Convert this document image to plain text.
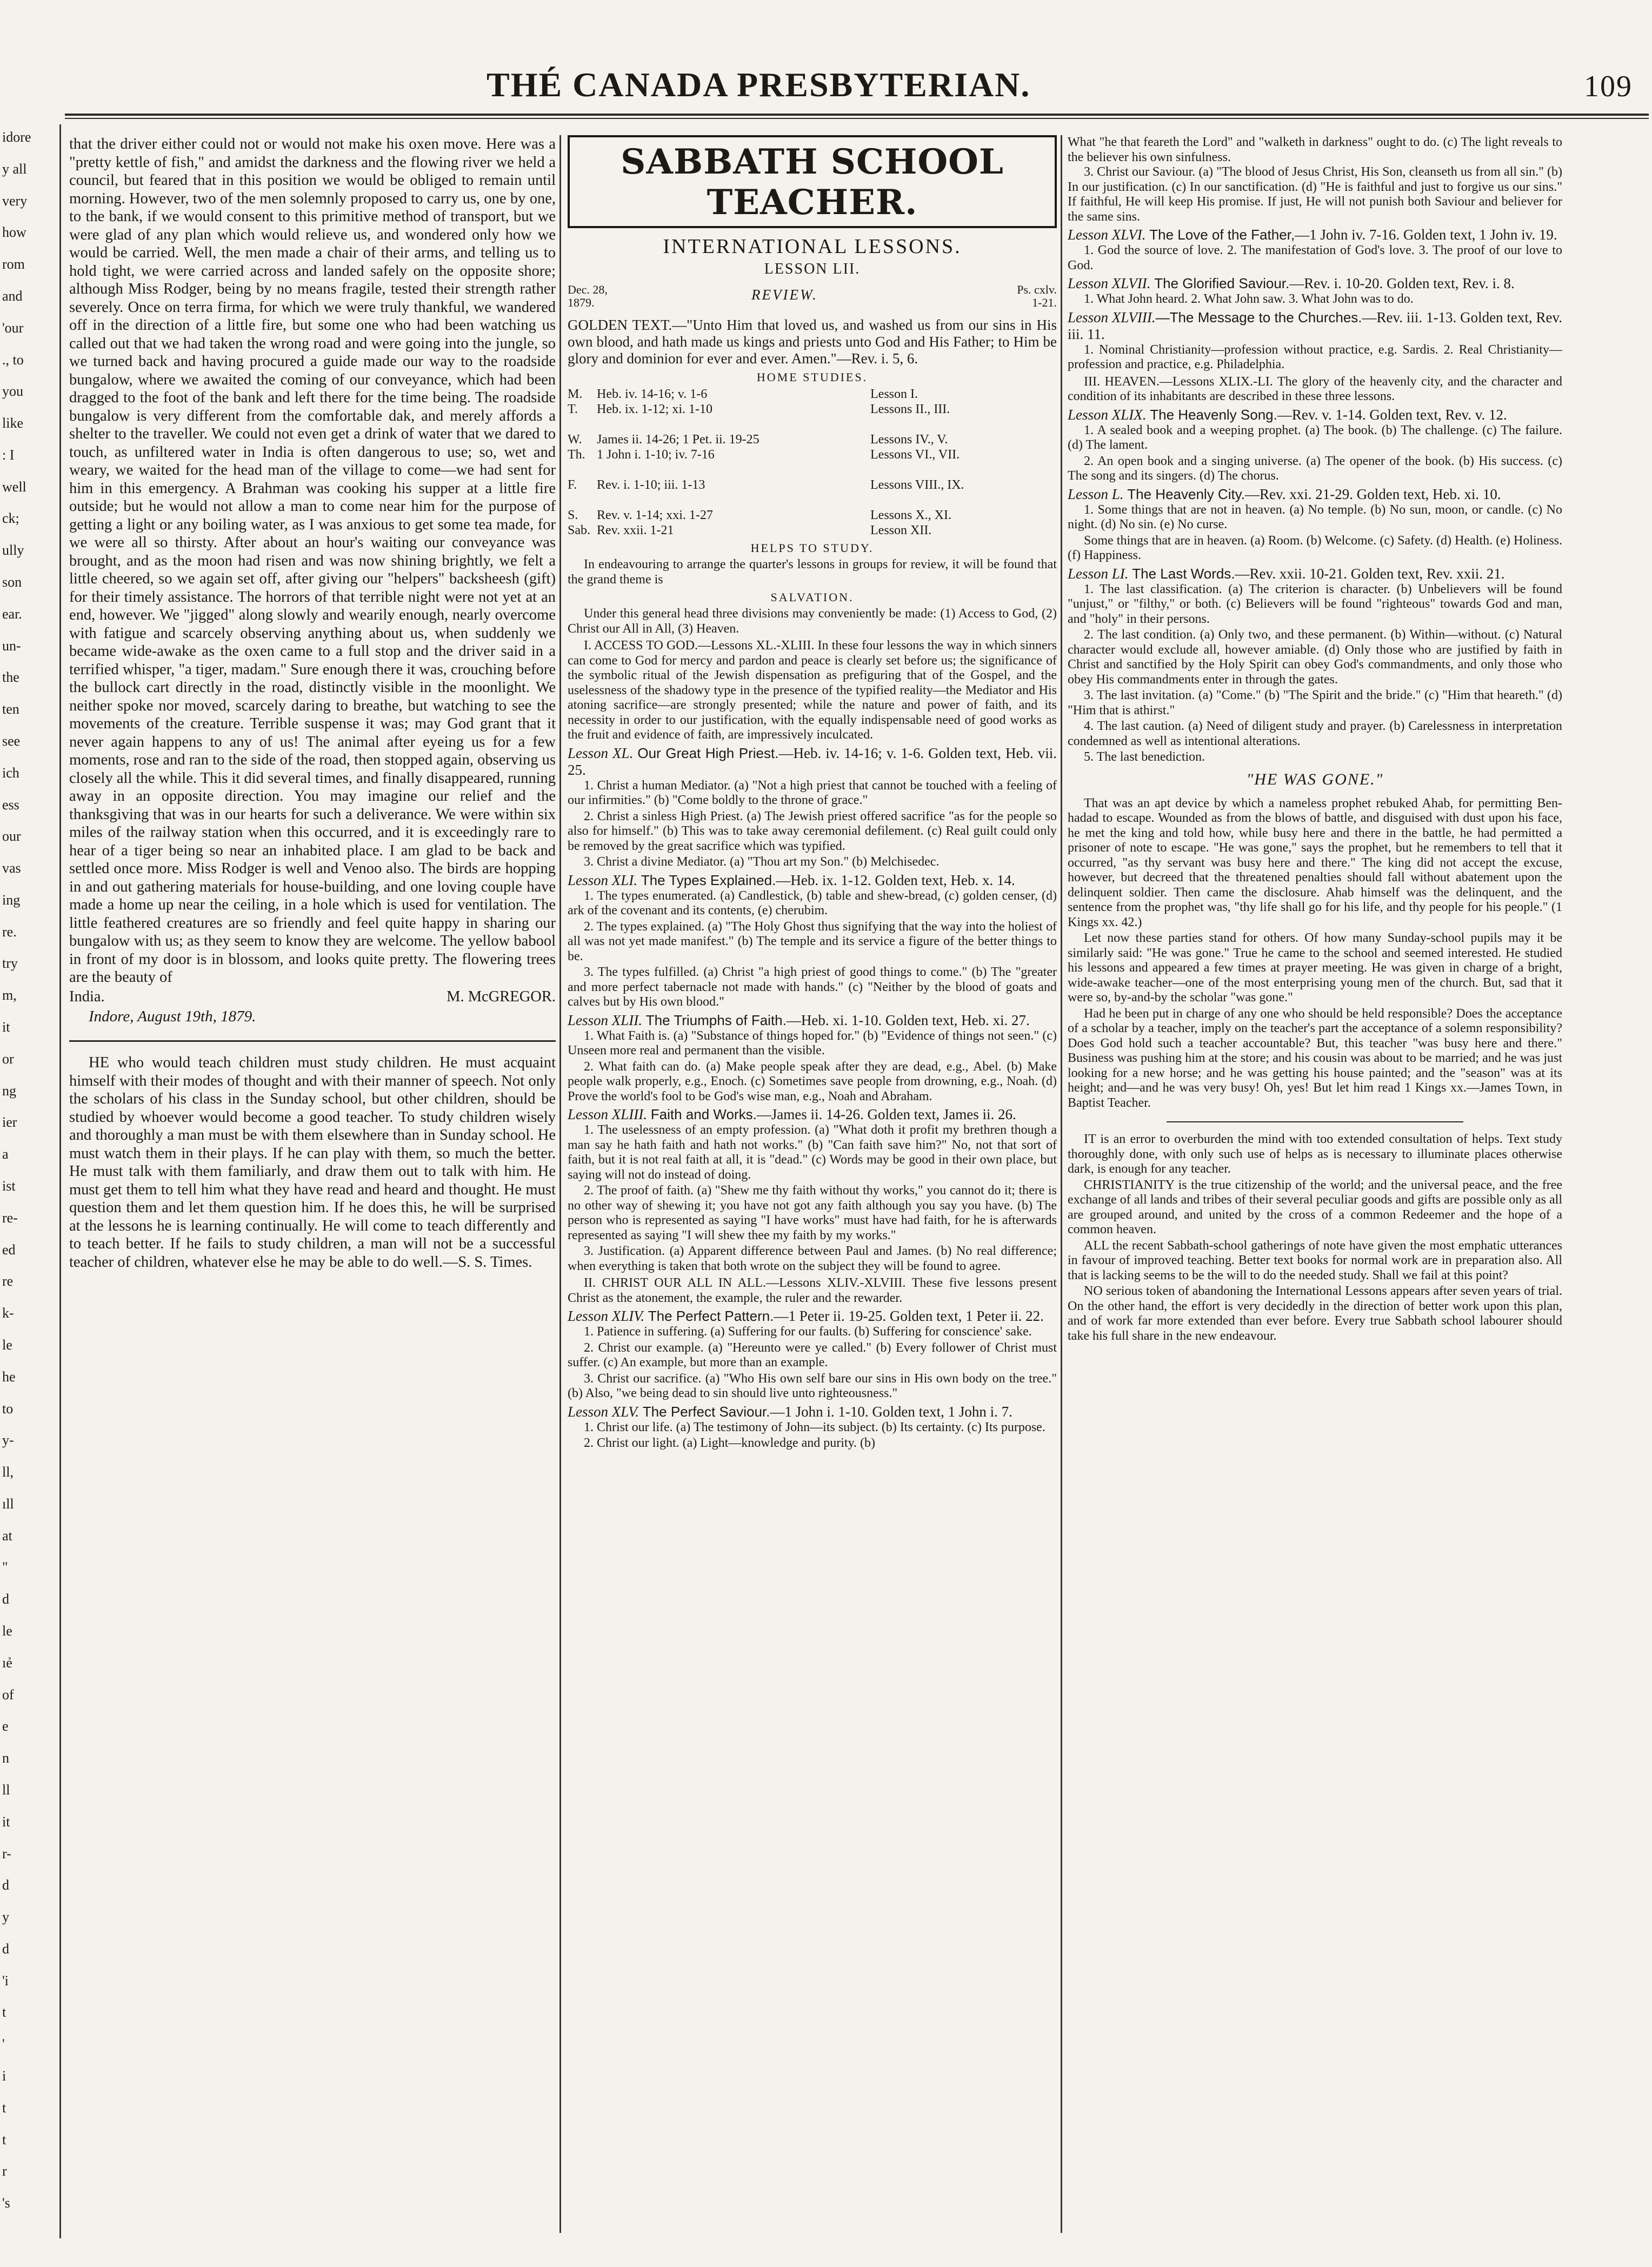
idore
y all
very
how
rom
and
'our
., to
you
like
: I
well
ck;
ully
son
ear.
un-
the
ten
see
ich
ess
our
vas
ing
re.
try
m,
it
or
ng
ier
a
ist
re-
ed
re
k-
le
he
to
y-
ll,
ıll
at
"
d
le
ıẻ
of
e
n
ll
it
r-
d
y
d
'i
t
'
i
t
t
r
's
THÉ CANADA PRESBYTERIAN.	109

that the driver either could not or would not make his oxen move. Here was a "pretty kettle of fish," and amidst the darkness and the flowing river we held a council, but feared that in this position we would be obliged to remain until morning. However, two of the men solemnly proposed to carry us, one by one, to the bank, if we would consent to this primitive method of transport, but we were glad of any plan which would relieve us, and wondered only how we would be carried. Well, the men made a chair of their arms, and telling us to hold tight, we were carried across and landed safely on the opposite shore; although Miss Rodger, being by no means fragile, tested their strength rather severely. Once on terra firma, for which we were truly thankful, we wandered off in the direction of a little fire, but some one who had been watching us called out that we had taken the wrong road and were going into the jungle, so we turned back and having procured a guide made our way to the roadside bungalow, where we awaited the coming of our conveyance, which had been dragged to the foot of the bank and left there for the time being. The roadside bungalow is very different from the comfortable dak, and merely affords a shelter to the traveller. We could not even get a drink of water that we dared to touch, as unfiltered water in India is often dangerous to use; so, wet and weary, we waited for the head man of the village to come—we had sent for him in this emergency. A Brahman was cooking his supper at a little fire outside; but he would not allow a man to come near him for the purpose of getting a light or any boiling water, as I was anxious to get some tea made, for we were all so thirsty. After about an hour's waiting our conveyance was brought, and as the moon had risen and was now shining brightly, we felt a little cheered, so we again set off, after giving our "helpers" backsheesh (gift) for their timely assistance. The horrors of that terrible night were not yet at an end, however. We "jigged" along slowly and wearily enough, nearly overcome with fatigue and scarcely observing anything about us, when suddenly we became wide-awake as the oxen came to a full stop and the driver said in a terrified whisper, "a tiger, madam." Sure enough there it was, crouching before the bullock cart directly in the road, distinctly visible in the moonlight. We neither spoke nor moved, scarcely daring to breathe, but watching to see the movements of the creature. Terrible suspense it was; may God grant that it never again happens to any of us! The animal after eyeing us for a few moments, rose and ran to the side of the road, then stopped again, observing us closely all the while. This it did several times, and finally disappeared, running away in an opposite direction. You may imagine our relief and the thanksgiving that was in our hearts for such a deliverance. We were within six miles of the railway station when this occurred, and it is exceedingly rare to hear of a tiger being so near an inhabited place. I am glad to be back and settled once more. Miss Rodger is well and Venoo also. The birds are hopping in and out gathering materials for house-building, and one loving couple have made a home up near the ceiling, in a hole which is used for ventilation. The little feathered creatures are so friendly and feel quite happy in sharing our bungalow with us; as they seem to know they are welcome. The yellow babool in front of my door is in blossom, and looks quite pretty. The flowering trees are the beauty of

India.	M. McGREGOR.

Indore, August 19th, 1879.

HE who would teach children must study children. He must acquaint himself with their modes of thought and with their manner of speech. Not only the scholars of his class in the Sunday school, but other children, should be studied by whoever would become a good teacher. To study children wisely and thoroughly a man must be with them elsewhere than in Sunday school. He must watch them in their plays. If he can play with them, so much the better. He must talk with them familiarly, and draw them out to talk with him. He must get them to tell him what they have read and heard and thought. He must question them and let them question him. If he does this, he will be surprised at the lessons he is learning continually. He will come to teach differently and to teach better. If he fails to study children, a man will not be a successful teacher of children, whatever else he may be able to do well.—S. S. Times.

SABBATH SCHOOL TEACHER.

INTERNATIONAL LESSONS.

LESSON LII.

Dec. 28,
1879.	REVIEW.	Ps. cxlv.
1-21.

GOLDEN TEXT.—"Unto Him that loved us, and washed us from our sins in His own blood, and hath made us kings and priests unto God and His Father; to Him be glory and dominion for ever and ever. Amen."—Rev. i. 5, 6.

HOME STUDIES.

M. Heb. iv. 14-16; v. 1-6	Lesson I.
T. Heb. ix. 1-12; xi. 1-10	Lessons II., III.
W. James ii. 14-26; 1 Pet. ii. 19-25	Lessons IV., V.
Th. 1 John i. 1-10; iv. 7-16	Lessons VI., VII.
F. Rev. i. 1-10; iii. 1-13	Lessons VIII., IX.
S. Rev. v. 1-14; xxi. 1-27	Lessons X., XI.
Sab. Rev. xxii. 1-21	Lesson XII.

HELPS TO STUDY.

In endeavouring to arrange the quarter's lessons in groups for review, it will be found that the grand theme is

SALVATION.

Under this general head three divisions may conveniently be made: (1) Access to God, (2) Christ our All in All, (3) Heaven.

I. ACCESS TO GOD.—Lessons XL.-XLIII. In these four lessons the way in which sinners can come to God for mercy and pardon and peace is clearly set before us; the significance of the symbolic ritual of the Jewish dispensation as prefiguring that of the Gospel, and the uselessness of the shadowy type in the presence of the typified reality—the Mediator and His atoning sacrifice—are strongly presented; while the nature and power of faith, and its necessity in order to our justification, with the equally indispensable need of good works as the fruit and evidence of faith, are impressively inculcated.

Lesson XL. Our Great High Priest.—Heb. iv. 14-16; v. 1-6. Golden text, Heb. vii. 25.

1. Christ a human Mediator. (a) "Not a high priest that cannot be touched with a feeling of our infirmities." (b) "Come boldly to the throne of grace."

2. Christ a sinless High Priest. (a) The Jewish priest offered sacrifice "as for the people so also for himself." (b) This was to take away ceremonial defilement. (c) Real guilt could only be removed by the great sacrifice which was typified.

3. Christ a divine Mediator. (a) "Thou art my Son." (b) Melchisedec.

Lesson XLI. The Types Explained.—Heb. ix. 1-12. Golden text, Heb. x. 14.

1. The types enumerated. (a) Candlestick, (b) table and shew-bread, (c) golden censer, (d) ark of the covenant and its contents, (e) cherubim.

2. The types explained. (a) "The Holy Ghost thus signifying that the way into the holiest of all was not yet made manifest." (b) The temple and its service a figure of the better things to be.

3. The types fulfilled. (a) Christ "a high priest of good things to come." (b) The "greater and more perfect tabernacle not made with hands." (c) "Neither by the blood of goats and calves but by His own blood."

Lesson XLII. The Triumphs of Faith.—Heb. xi. 1-10. Golden text, Heb. xi. 27.

1. What Faith is. (a) "Substance of things hoped for." (b) "Evidence of things not seen." (c) Unseen more real and permanent than the visible.

2. What faith can do. (a) Make people speak after they are dead, e.g., Abel. (b) Make people walk properly, e.g., Enoch. (c) Sometimes save people from drowning, e.g., Noah. (d) Prove the world's fool to be God's wise man, e.g., Noah and Abraham.

Lesson XLIII. Faith and Works.—James ii. 14-26. Golden text, James ii. 26.

1. The uselessness of an empty profession. (a) "What doth it profit my brethren though a man say he hath faith and hath not works." (b) "Can faith save him?" No, not that sort of faith, but it is not real faith at all, it is "dead." (c) Words may be good in their own place, but saying will not do instead of doing.

2. The proof of faith. (a) "Shew me thy faith without thy works," you cannot do it; there is no other way of shewing it; you have not got any faith although you say you have. (b) The person who is represented as saying "I have works" must have had faith, for he is afterwards represented as saying "I will shew thee my faith by my works."

3. Justification. (a) Apparent difference between Paul and James. (b) No real difference; when everything is taken that both wrote on the subject they will be found to agree.

II. CHRIST OUR ALL IN ALL.—Lessons XLIV.-XLVIII. These five lessons present Christ as the atonement, the example, the ruler and the rewarder.

Lesson XLIV. The Perfect Pattern.—1 Peter ii. 19-25. Golden text, 1 Peter ii. 22.

1. Patience in suffering. (a) Suffering for our faults. (b) Suffering for conscience' sake.

2. Christ our example. (a) "Hereunto were ye called." (b) Every follower of Christ must suffer. (c) An example, but more than an example.

3. Christ our sacrifice. (a) "Who His own self bare our sins in His own body on the tree." (b) Also, "we being dead to sin should live unto righteousness."

Lesson XLV. The Perfect Saviour.—1 John i. 1-10. Golden text, 1 John i. 7.

1. Christ our life. (a) The testimony of John—its subject. (b) Its certainty. (c) Its purpose.

2. Christ our light. (a) Light—knowledge and purity. (b)

What "he that feareth the Lord" and "walketh in darkness" ought to do. (c) The light reveals to the believer his own sinfulness.

3. Christ our Saviour. (a) "The blood of Jesus Christ, His Son, cleanseth us from all sin." (b) In our justification. (c) In our sanctification. (d) "He is faithful and just to forgive us our sins." If faithful, He will keep His promise. If just, He will not punish both Saviour and believer for the same sins.

Lesson XLVI. The Love of the Father,—1 John iv. 7-16. Golden text, 1 John iv. 19.

1. God the source of love. 2. The manifestation of God's love. 3. The proof of our love to God.

Lesson XLVII. The Glorified Saviour.—Rev. i. 10-20. Golden text, Rev. i. 8.

1. What John heard. 2. What John saw. 3. What John was to do.

Lesson XLVIII.—The Message to the Churches.—Rev. iii. 1-13. Golden text, Rev. iii. 11.

1. Nominal Christianity—profession without practice, e.g. Sardis. 2. Real Christianity—profession and practice, e.g. Philadelphia.

III. HEAVEN.—Lessons XLIX.-LI. The glory of the heavenly city, and the character and condition of its inhabitants are described in these three lessons.

Lesson XLIX. The Heavenly Song.—Rev. v. 1-14. Golden text, Rev. v. 12.

1. A sealed book and a weeping prophet. (a) The book. (b) The challenge. (c) The failure. (d) The lament.

2. An open book and a singing universe. (a) The opener of the book. (b) His success. (c) The song and its singers. (d) The chorus.

Lesson L. The Heavenly City.—Rev. xxi. 21-29. Golden text, Heb. xi. 10.

1. Some things that are not in heaven. (a) No temple. (b) No sun, moon, or candle. (c) No night. (d) No sin. (e) No curse.

Some things that are in heaven. (a) Room. (b) Welcome. (c) Safety. (d) Health. (e) Holiness. (f) Happiness.

Lesson LI. The Last Words.—Rev. xxii. 10-21. Golden text, Rev. xxii. 21.

1. The last classification. (a) The criterion is character. (b) Unbelievers will be found "unjust," or "filthy," or both. (c) Believers will be found "righteous" towards God and man, and "holy" in their persons.

2. The last condition. (a) Only two, and these permanent. (b) Within—without. (c) Natural character would exclude all, however amiable. (d) Only those who are justified by faith in Christ and sanctified by the Holy Spirit can obey God's commandments, and only those who obey His commandments enter in through the gates.

3. The last invitation. (a) "Come." (b) "The Spirit and the bride." (c) "Him that heareth." (d) "Him that is athirst."

4. The last caution. (a) Need of diligent study and prayer. (b) Carelessness in interpretation condemned as well as intentional alterations.

5. The last benediction.

"HE WAS GONE."

That was an apt device by which a nameless prophet rebuked Ahab, for permitting Ben-hadad to escape. Wounded as from the blows of battle, and disguised with dust upon his face, he met the king and told how, while busy here and there in the battle, he had permitted a prisoner of note to escape. "He was gone," says the prophet, but he remembers to tell that it occurred, "as thy servant was busy here and there." The king did not accept the excuse, however, but decreed that the threatened penalties should fall without abatement upon the delinquent soldier. Then came the disclosure. Ahab himself was the delinquent, and the sentence from the prophet was, "thy life shall go for his life, and thy people for his people." (1 Kings xx. 42.)

Let now these parties stand for others. Of how many Sunday-school pupils may it be similarly said: "He was gone." True he came to the school and seemed interested. He studied his lessons and appeared a few times at prayer meeting. He was given in charge of a bright, wide-awake teacher—one of the most enterprising young men of the church. But, sad that it were so, by-and-by the scholar "was gone."

Had he been put in charge of any one who should be held responsible? Does the acceptance of a scholar by a teacher, imply on the teacher's part the acceptance of a solemn responsibility? Does God hold such a teacher accountable? But, this teacher "was busy here and there." Business was pushing him at the store; and his cousin was about to be married; and he was just looking for a new horse; and he was getting his house painted; and the "season" was at its height; and—and he was very busy! Oh, yes! But let him read 1 Kings xx.—James Town, in Baptist Teacher.

IT is an error to overburden the mind with too extended consultation of helps. Text study thoroughly done, with only such use of helps as is necessary to illuminate places otherwise dark, is enough for any teacher.

CHRISTIANITY is the true citizenship of the world; and the universal peace, and the free exchange of all lands and tribes of their several peculiar goods and gifts are possible only as all are grouped around, and united by the cross of a common Redeemer and the hope of a common heaven.

ALL the recent Sabbath-school gatherings of note have given the most emphatic utterances in favour of improved teaching. Better text books for normal work are in preparation also. All that is lacking seems to be the will to do the needed study. Shall we fail at this point?

NO serious token of abandoning the International Lessons appears after seven years of trial. On the other hand, the effort is very decidedly in the direction of better work upon this plan, and of work far more extended than ever before. Every true Sabbath school labourer should take his full share in the new endeavour.
